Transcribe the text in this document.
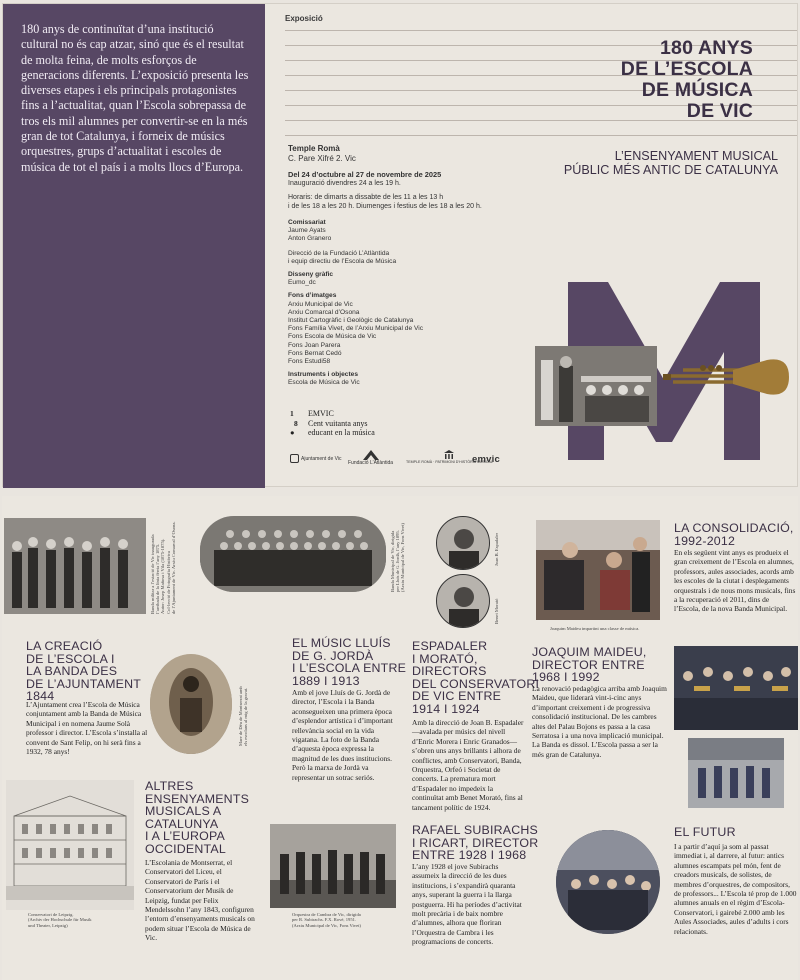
180 anys de continuïtat d’una institució cultural no és cap atzar, sinó que és el resultat de molta feina, de molts esforços de generacions diferents. L’exposició presenta les diverses etapes i els principals protagonistes fins a l’actualitat, quan l’Escola sobrepassa de tros els mil alumnes per convertir-se en la més gran de tot Catalunya, i forneix de músics orquestres, grups d’actualitat i escoles de música de tot el país i a molts llocs d’Europa.

Exposició
180 ANYS
DE L’ESCOLA
DE MÚSICA
DE VIC
L’ENSENYAMENT MUSICAL
PÚBLIC MÉS ANTIC DE CATALUNYA
Temple Romà
C. Pare Xifré 2. Vic
Del 24 d’octubre al 27 de novembre de 2025
Inauguració divendres 24 a les 19 h.
Horaris: de dimarts a dissabte de les 11 a les 13 h
i de les 18 a les 20 h. Diumenges i festius de les 18 a les 20 h.
Comissariat
Jaume Ayats
Anton Granero
Direcció de la Fundació L’Atlàntida
i equip directiu de l’Escola de Música
Disseny gràfic
Eumo_dc
Fons d’imatges
Arxiu Municipal de Vic
Arxiu Comarcal d’Osona
Institut Cartogràfic i Geològic de Catalunya
Fons Família Vivet, de l’Arxiu Municipal de Vic
Fons Escola de Música de Vic
Fons Joan Parera
Fons Bernat Cedó
Fons Estudi58
Instruments i objectes
Escola de Música de Vic
1
8
●
EMVIC
Cent vuitanta anys
educant en la música
Ajuntament de Vic
Fundació L’Atlàntida	TEMPLE ROMÀ · PATRIMONI D’HISTÒRIA MUSICAL
emvic
Banda militar a l’estació de Vic inaugurada l’arribada de la línia fèrria l’any 1875. Autor: Josep Mañosa i Vila (1875-1875). Col·lecció de Fotografia Històrica de l’Ajuntament de Vic. Arxiu Comarcal d’Osona.
LA CREACIÓ
DE L’ESCOLA I
LA BANDA DES
DE L’AJUNTAMENT
1844

L’Ajuntament crea l’Escola de Música conjuntament amb la Banda de Música Municipal i en nomena Jaume Solà professor i director. L’Escola s’installa al convent de Sant Felip, on hi serà fins a 1932, 78 anys!

Mare de Déu de Montserrat amb els escolans al mig de la gravat.
Conservatori de Leipzig.
(Archiv der Hochschule für Musik
und Theater, Leipzig)
ALTRES
ENSENYAMENTS
MUSICALS A
CATALUNYA
I A L’EUROPA
OCCIDENTAL

L’Escolania de Montserrat, el Conservatori del Liceu, el Conservatori de París i el Conservatorium der Musik de Leipzig, fundat per Felix Mendelssohn l’any 1843, configuren l’entorn d’ensenyaments musicals on podem situar l’Escola de Música de Vic.

Banda Municipal de Vic, dirigida per Lluís de G. Jordà, l’any 1895. (Arxiu Municipal de Vic, Fons Vivet)
EL MÚSIC LLUÍS
DE G. JORDÀ
I L’ESCOLA ENTRE
1889 I 1913

Amb el jove Lluís de G. Jordà de director, l’Escola i la Banda aconsegueixen una primera època d’esplendor artística i d’important rellevància social en la vida vigatana. La foto de la Banda d’aquesta època expressa la magnitud de les dues institucions. Però la marxa de Jordà va representar un sotrac seriós.

Orquestra de Cambra de Vic, dirigida
per R. Subirachs. F.X. Rové, 1951.
(Arxiu Municipal de Vic, Fons Vivet)
Joan B. Espadaler
Benet Morató
ESPADALER
I MORATÓ,
DIRECTORS
DEL CONSERVATORI
DE VIC ENTRE
1914 I 1924

Amb la direcció de Joan B. Espadaler —avalada per músics del nivell d’Enric Morera i Enric Granados— s’obren uns anys brillants i alhora de conflictes, amb Conservatori, Banda, Orquestra, Orfeó i Societat de concerts. La prematura mort d’Espadaler no impedeix la continuïtat amb Benet Morató, fins al tancament polític de 1924.

RAFAEL SUBIRACHS
I RICART, DIRECTOR
ENTRE 1928 I 1968

L’any 1928 el jove Subirachs assumeix la direcció de les dues institucions, i s’expandirà quaranta anys, superant la guerra i la llarga postguerra. Hi ha períodes d’activitat molt precària i de baix nombre d’alumnes, alhora que floriran l’Orquestra de Cambra i les programacions de concerts.

Joaquim Maideu impartint una classe de música.
JOAQUIM MAIDEU,
DIRECTOR ENTRE
1968 I 1992

La renovació pedagògica arriba amb Joaquim Maideu, que liderarà vint-i-cinc anys d’important creixement i de progressiva consolidació institucional. De les cambres altes del Palau Bojons es passa a la casa Serratosa i a una nova implicació municipal. La Banda es dissol. L’Escola passa a ser la més gran de Catalunya.

LA CONSOLIDACIÓ,
1992-2012

En els següent vint anys es produeix el gran creixement de l’Escola en alumnes, professors, aules associades, acords amb les escoles de la ciutat i desplegaments orquestrals i de nous mons musicals, fins a la recuperació el 2011, dins de l’Escola, de la nova Banda Municipal.

EL FUTUR

I a partir d’aquí ja som al passat immediat i, al darrere, al futur: antics alumnes escampats pel món, fent de creadors musicals, de solistes, de membres d’orquestres, de compositors, de professors... L’Escola té prop de 1.000 alumnes anuals en el règim d’Escola-Conservatori, i gairebé 2.000 amb les Aules Associades, aules d’adults i cors relacionats.
